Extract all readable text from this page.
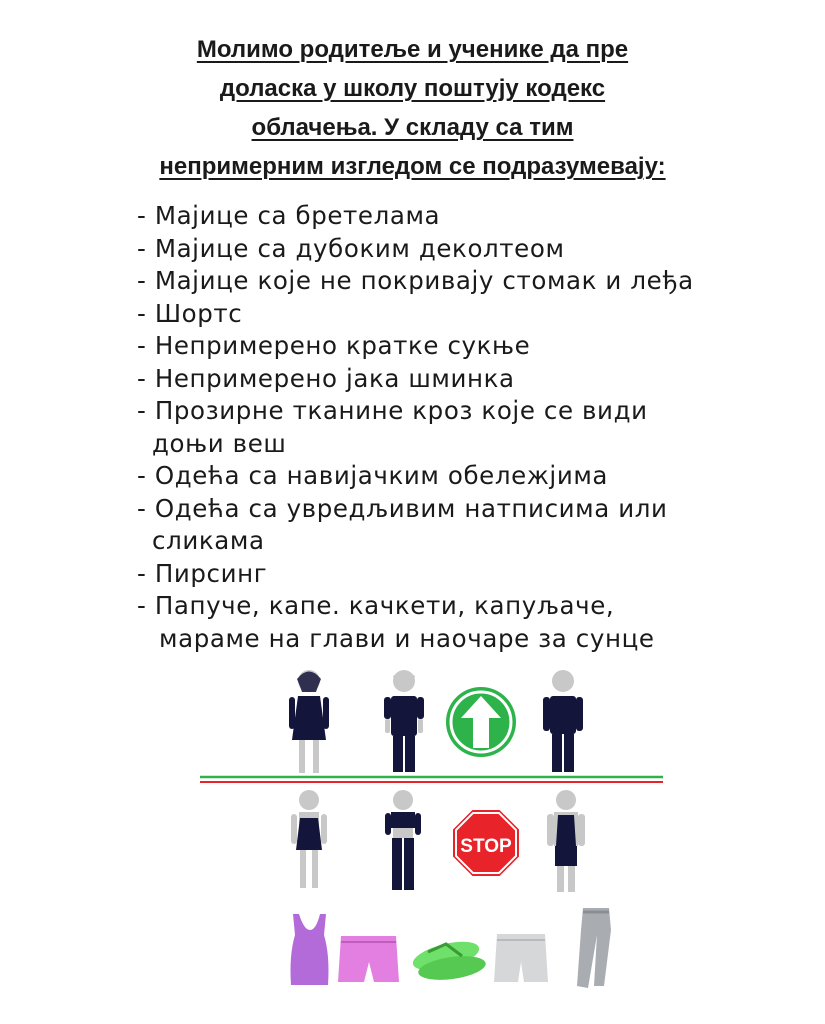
Молимо родитеље и ученике да пре
доласка у школу поштују кодекс
облачења. У складу са тим
непримерним изгледом се подразумевају:
- Мајице са бретелама
- Мајице са дубоким деколтеом
- Мајице које не покривају стомак и леђа
- Шортс
- Непримерено кратке сукње
- Непримерено јака шминка
- Прозирне тканине кроз које се види
доњи веш
- Одећа са навијачким обележјима
- Одећа са увредљивим натписима или
сликама
- Пирсинг
- Папуче, капе. качкети, капуљаче,
мараме на глави и наочаре за сунце
STOP
